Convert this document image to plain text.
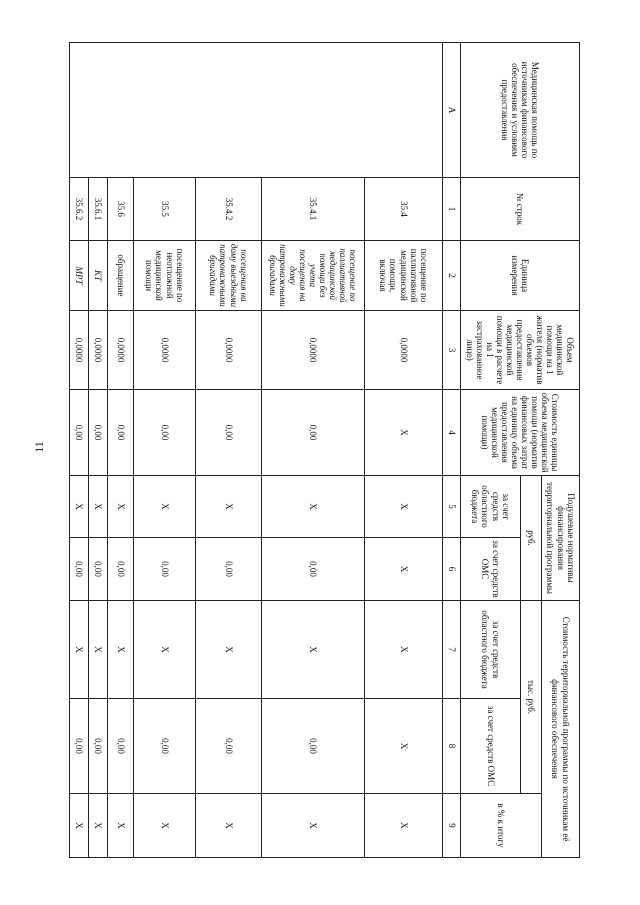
11
Медицинская помощь по источникам финансового обеспечения и условиям предоставления	№ строк	Единица измерения	Объем медицинской помощи на 1 жителя (норматив объемов предоставления медицинской помощи в расчете на 1 застрахованное лицо)	Стоимость единицы объема медицинской помощи (норматив финансовых затрат на единицу объема предоставления медицинской помощи)	Подушевые нормативы финансирования территориальной программы		Стоимость территориальной программы по источникам её финансового обеспечения		
					руб.		тыс. руб.		в % к итогу
					за счет средств областного бюджета	за счет средств ОМС	за счет средств областного бюджета	за счет средств ОМС	
А	1	2	3	4	5	6	7	8	9
	35.4	посещение по паллиативной медицинской помощи, включая	0,0000	X	X	X	X	X	X
	35.4.1	посещение по паллиативной медицинской помощи без учета посещения на дому патронажными бригадами	0,0000	0,00	X	0,00	X	0,00	X
	35.4.2	посещения на дому выездными патронажными бригадами	0,0000	0,00	X	0,00	X	0,00	X
	35.5	посещение по неотложной медицинской помощи	0,0000	0,00	X	0,00	X	0,00	X
	35.6	обращение	0,0000	0,00	X	0,00	X	0,00	X
	35.6.1	КТ	0,0000	0,00	X	0,00	X	0,00	X
	35.6.2	МРТ	0,0000	0,00	X	0,00	X	0,00	X
